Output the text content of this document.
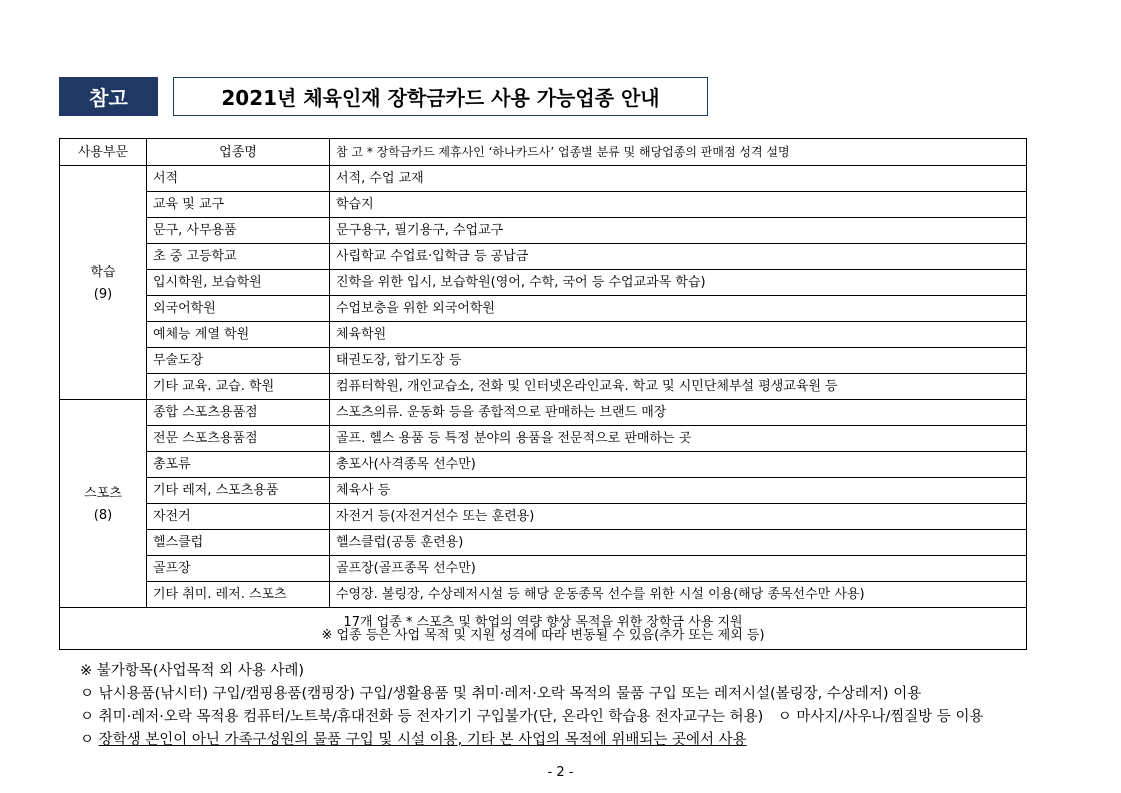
참고	2021년 체육인재 장학금카드 사용 가능업종 안내
사용부문	업종명	참 고 * 장학금카드 제휴사인 ‘하나카드사’ 업종별 분류 및 해당업종의 판매점 성격 설명

학습
(9)	서적	서적, 수업 교재
	교육 및 교구	학습지
	문구, 사무용품	문구용구, 필기용구, 수업교구
	초 중 고등학교	사립학교 수업료·입학금 등 공납금
	입시학원, 보습학원	진학을 위한 입시, 보습학원(영어, 수학, 국어 등 수업교과목 학습)
	외국어학원	수업보충을 위한 외국어학원
	예체능 계열 학원	체육학원
	무술도장	태권도장, 합기도장 등
	기타 교육. 교습. 학원	컴퓨터학원, 개인교습소, 전화 및 인터넷온라인교육. 학교 및 시민단체부설 평생교육원 등

스포츠
(8)	종합 스포츠용품점	스포츠의류. 운동화 등을 종합적으로 판매하는 브랜드 매장
	전문 스포츠용품점	골프. 헬스 용품 등 특정 분야의 용품을 전문적으로 판매하는 곳
	총포류	총포사(사격종목 선수만)
	기타 레저, 스포츠용품	체육사 등
	자전거	자전거 등(자전거선수 또는 훈련용)
	헬스클럽	헬스클럽(공통 훈련용)
	골프장	골프장(골프종목 선수만)
	기타 취미. 레저. 스포츠	수영장. 볼링장, 수상레저시설 등 해당 운동종목 선수를 위한 시설 이용(해당 종목선수만 사용)

17개 업종 * 스포츠 및 학업의 역량 향상 목적을 위한 장학금 사용 지원
※ 업종 등은 사업 목적 및 지원 성격에 따라 변동될 수 있음(추가 또는 제외 등)		
※ 불가항목(사업목적 외 사용 사례)
ㅇ 낚시용품(낚시터) 구입/캠핑용품(캠핑장) 구입/생활용품 및 취미·레저·오락 목적의 물품 구입 또는 레저시설(볼링장, 수상레저) 이용
ㅇ 취미·레저·오락 목적용 컴퓨터/노트북/휴대전화 등 전자기기 구입불가(단, 온라인 학습용 전자교구는 허용)　ㅇ 마사지/사우나/찜질방 등 이용
ㅇ 장학생 본인이 아닌 가족구성원의 물품 구입 및 시설 이용, 기타 본 사업의 목적에 위배되는 곳에서 사용
- 2 -
